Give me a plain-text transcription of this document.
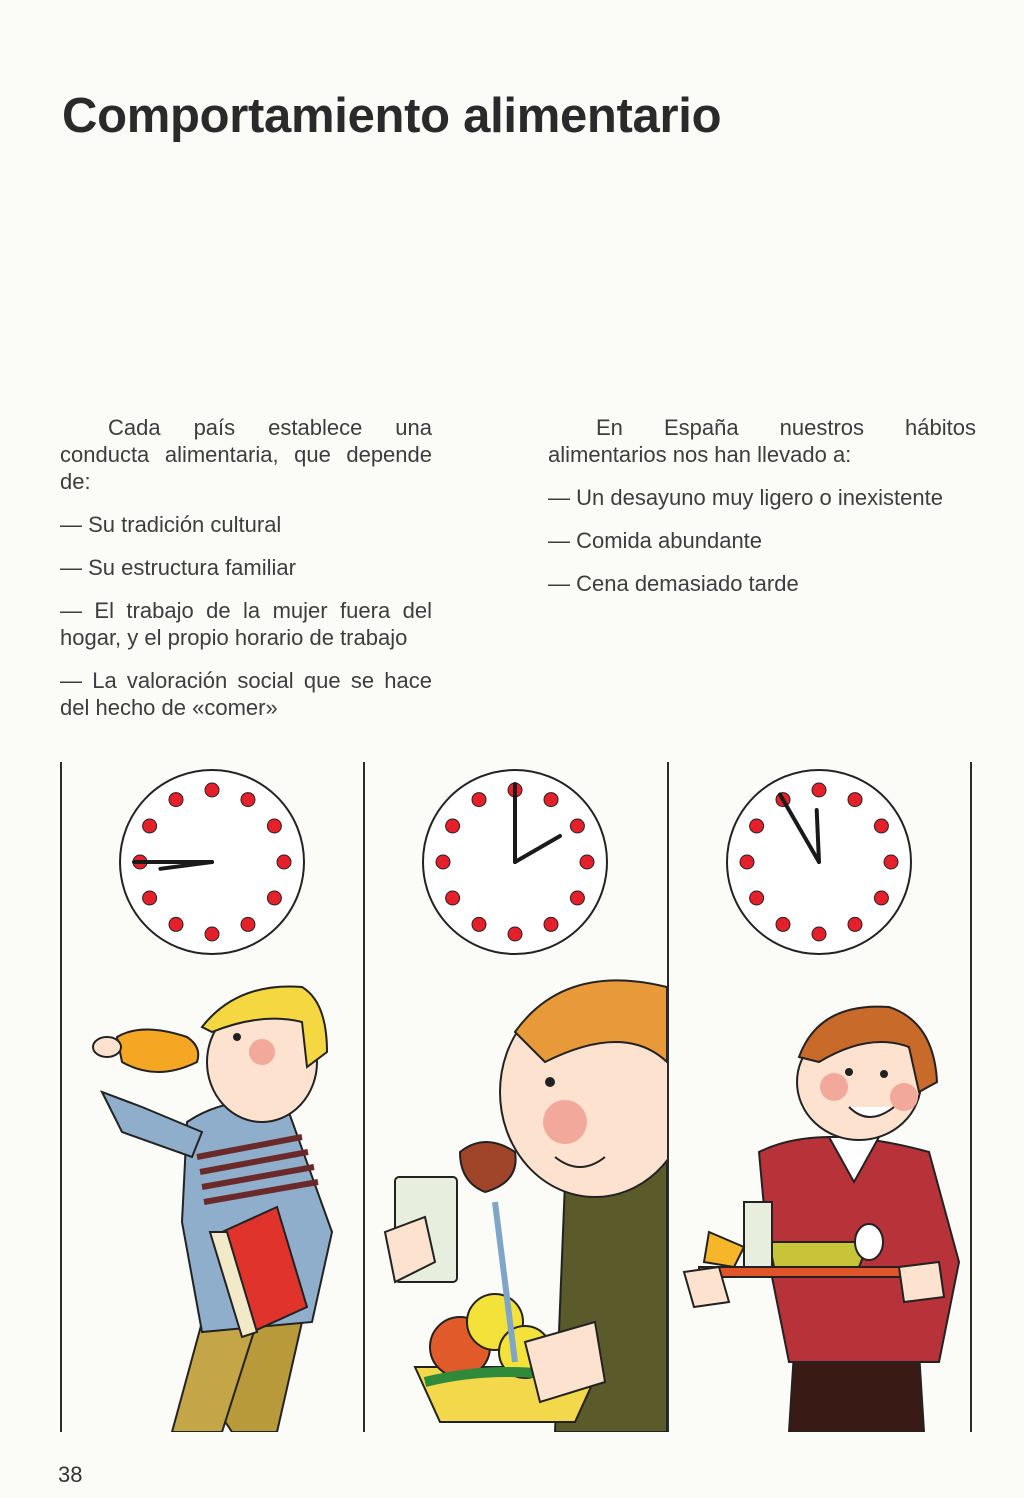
Comportamiento alimentario

Cada país establece una conducta alimentaria, que depende de:

— Su tradición cultural
— Su estructura familiar
— El trabajo de la mujer fuera del hogar, y el propio horario de trabajo
— La valoración social que se hace del hecho de «comer»

En España nuestros hábitos alimentarios nos han llevado a:

— Un desayuno muy ligero o inexistente
— Comida abundante
— Cena demasiado tarde
38
